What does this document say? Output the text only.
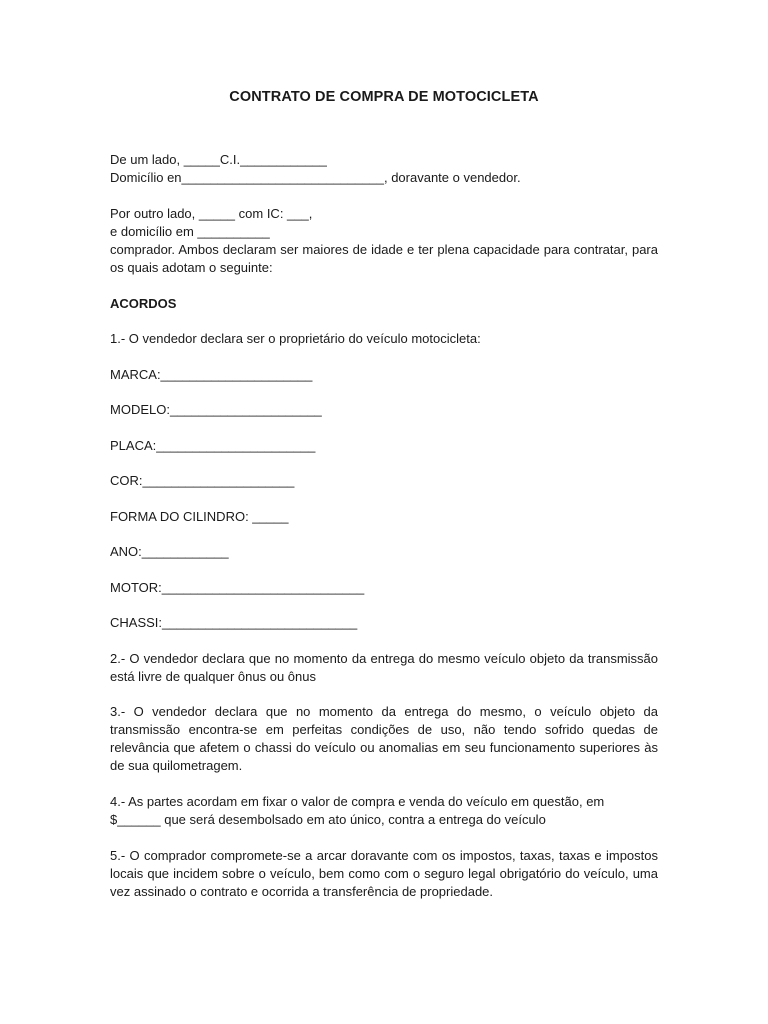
CONTRATO DE COMPRA DE MOTOCICLETA
De um lado, _____C.I.____________
Domicílio en____________________________, doravante o vendedor.
Por outro lado, _____ com IC: ___,
e domicílio em __________
comprador. Ambos declaram ser maiores de idade e ter plena capacidade para contratar, para os quais adotam o seguinte:
ACORDOS
1.- O vendedor declara ser o proprietário do veículo motocicleta:
MARCA:_____________________
MODELO:_____________________
PLACA:______________________
COR:_____________________
FORMA DO CILINDRO: _____
ANO:____________
MOTOR:____________________________
CHASSI:___________________________
2.- O vendedor declara que no momento da entrega do mesmo veículo objeto da transmissão está livre de qualquer ônus ou ônus
3.- O vendedor declara que no momento da entrega do mesmo, o veículo objeto da transmissão encontra-se em perfeitas condições de uso, não tendo sofrido quedas de relevância que afetem o chassi do veículo ou anomalias em seu funcionamento superiores às de sua quilometragem.
4.- As partes acordam em fixar o valor de compra e venda do veículo em questão, em
$______ que será desembolsado em ato único, contra a entrega do veículo
5.- O comprador compromete-se a arcar doravante com os impostos, taxas, taxas e impostos locais que incidem sobre o veículo, bem como com o seguro legal obrigatório do veículo, uma vez assinado o contrato e ocorrida a transferência de propriedade.
